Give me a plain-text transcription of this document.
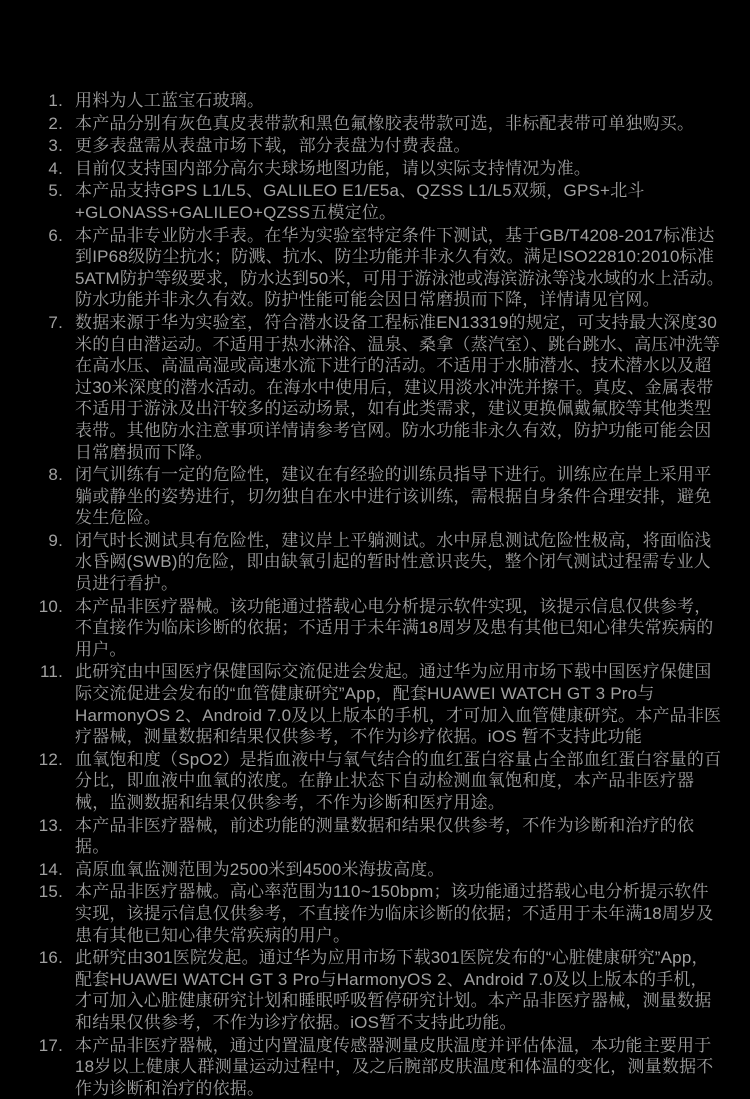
1. 用料为人工蓝宝石玻璃。
2. 本产品分别有灰色真皮表带款和黑色氟橡胶表带款可选，非标配表带可单独购买。
3. 更多表盘需从表盘市场下载，部分表盘为付费表盘。
4. 目前仅支持国内部分高尔夫球场地图功能，请以实际支持情况为准。
5. 本产品支持GPS L1/L5、GALILEO E1/E5a、QZSS L1/L5双频，GPS+北斗+GLONASS+GALILEO+QZSS五模定位。
6. 本产品非专业防水手表。在华为实验室特定条件下测试，基于GB/T4208-2017标准达到IP68级防尘抗水；防溅、抗水、防尘功能并非永久有效。满足ISO22810:2010标准5ATM防护等级要求，防水达到50米，可用于游泳池或海滨游泳等浅水域的水上活动。防水功能并非永久有效。防护性能可能会因日常磨损而下降，详情请见官网。
7. 数据来源于华为实验室，符合潜水设备工程标准EN13319的规定，可支持最大深度30米的自由潜运动。不适用于热水淋浴、温泉、桑拿（蒸汽室）、跳台跳水、高压冲洗等在高水压、高温高湿或高速水流下进行的活动。不适用于水肺潜水、技术潜水以及超过30米深度的潜水活动。在海水中使用后，建议用淡水冲洗并擦干。真皮、金属表带不适用于游泳及出汗较多的运动场景，如有此类需求，建议更换佩戴氟胶等其他类型表带。其他防水注意事项详情请参考官网。防水功能非永久有效，防护功能可能会因日常磨损而下降。
8. 闭气训练有一定的危险性，建议在有经验的训练员指导下进行。训练应在岸上采用平躺或静坐的姿势进行，切勿独自在水中进行该训练，需根据自身条件合理安排，避免发生危险。
9. 闭气时长测试具有危险性，建议岸上平躺测试。水中屏息测试危险性极高，将面临浅水昏阙(SWB)的危险，即由缺氧引起的暂时性意识丧失，整个闭气测试过程需专业人员进行看护。
10. 本产品非医疗器械。该功能通过搭载心电分析提示软件实现，该提示信息仅供参考，不直接作为临床诊断的依据；不适用于未年满18周岁及患有其他已知心律失常疾病的用户。
11. 此研究由中国医疗保健国际交流促进会发起。通过华为应用市场下载中国医疗保健国际交流促进会发布的“血管健康研究”App，配套HUAWEI WATCH GT 3 Pro与HarmonyOS 2、Android 7.0及以上版本的手机，才可加入血管健康研究。本产品非医疗器械，测量数据和结果仅供参考，不作为诊疗依据。iOS 暂不支持此功能
12. 血氧饱和度（SpO2）是指血液中与氧气结合的血红蛋白容量占全部血红蛋白容量的百分比，即血液中血氧的浓度。在静止状态下自动检测血氧饱和度，本产品非医疗器械，监测数据和结果仅供参考，不作为诊断和医疗用途。
13. 本产品非医疗器械，前述功能的测量数据和结果仅供参考，不作为诊断和治疗的依据。
14. 高原血氧监测范围为2500米到4500米海拔高度。
15. 本产品非医疗器械。高心率范围为110~150bpm；该功能通过搭载心电分析提示软件实现，该提示信息仅供参考，不直接作为临床诊断的依据；不适用于未年满18周岁及患有其他已知心律失常疾病的用户。
16. 此研究由301医院发起。通过华为应用市场下载301医院发布的“心脏健康研究”App，配套HUAWEI WATCH GT 3 Pro与HarmonyOS 2、Android 7.0及以上版本的手机，才可加入心脏健康研究计划和睡眠呼吸暂停研究计划。本产品非医疗器械，测量数据和结果仅供参考，不作为诊疗依据。iOS暂不支持此功能。
17. 本产品非医疗器械，通过内置温度传感器测量皮肤温度并评估体温，本功能主要用于18岁以上健康人群测量运动过程中，及之后腕部皮肤温度和体温的变化，测量数据不作为诊断和治疗的依据。
